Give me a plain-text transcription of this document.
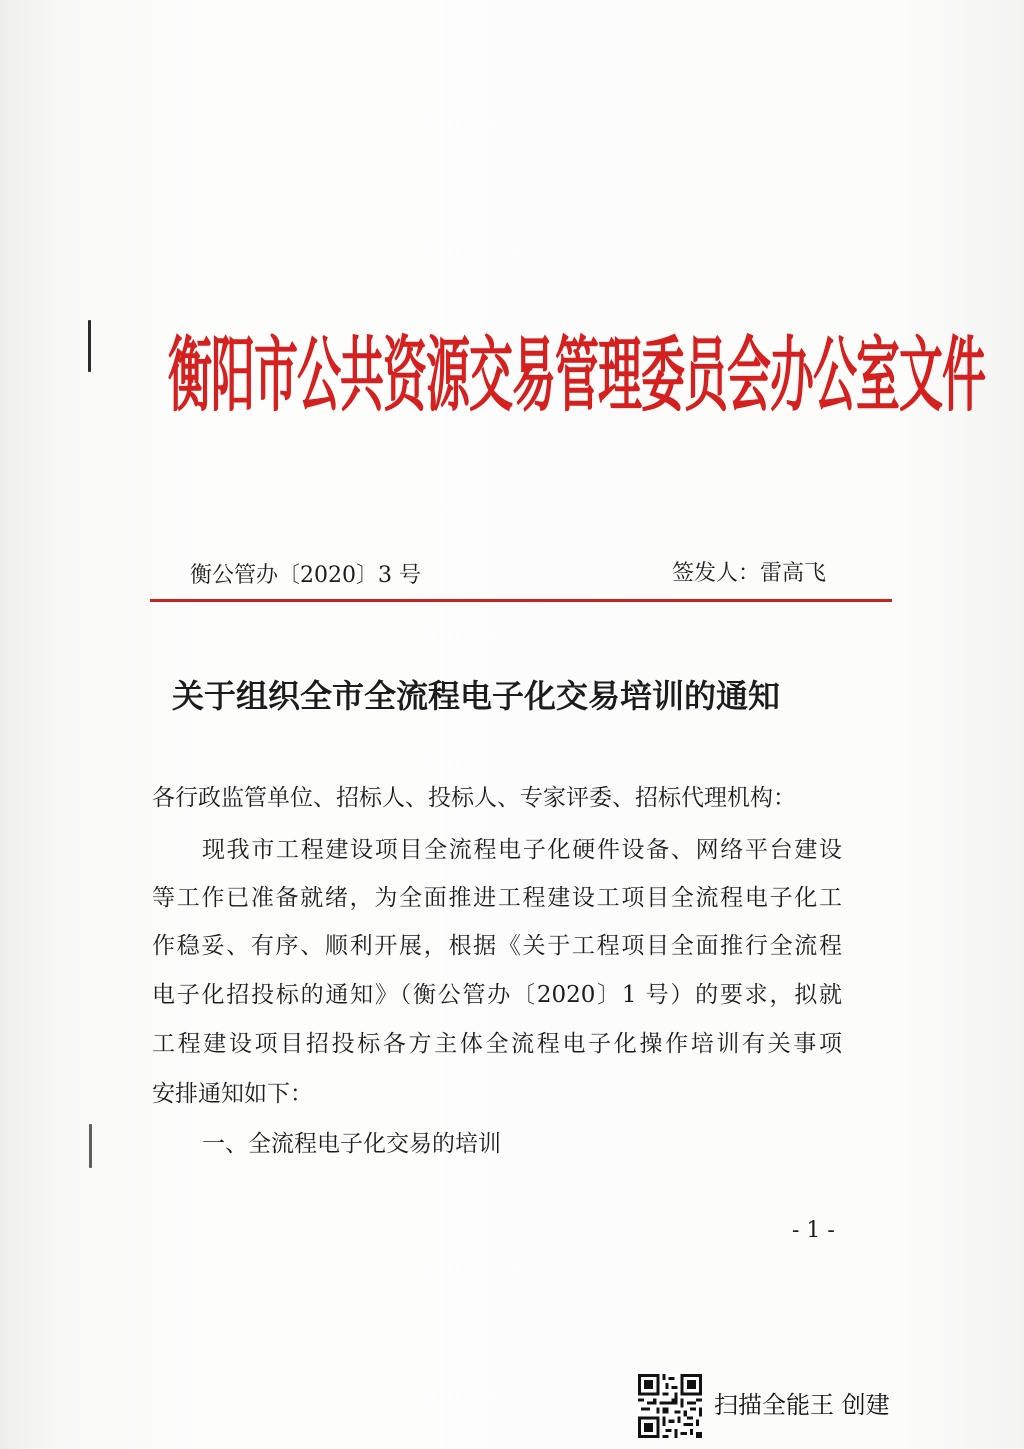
衡阳市公共资源交易管理委员会办公室文件
衡公管办〔2020〕3 号	签发人：雷高飞
关于组织全市全流程电子化交易培训的通知
各行政监管单位、招标人、投标人、专家评委、招标代理机构：
现我市工程建设项目全流程电子化硬件设备、网络平台建设
等工作已准备就绪，为全面推进工程建设工项目全流程电子化工
作稳妥、有序、顺利开展，根据《关于工程项目全面推行全流程
电子化招投标的通知》（衡公管办〔2020〕1 号）的要求，拟就
工程建设项目招投标各方主体全流程电子化操作培训有关事项
安排通知如下：
一、全流程电子化交易的培训
- 1 -
扫描全能王 创建
